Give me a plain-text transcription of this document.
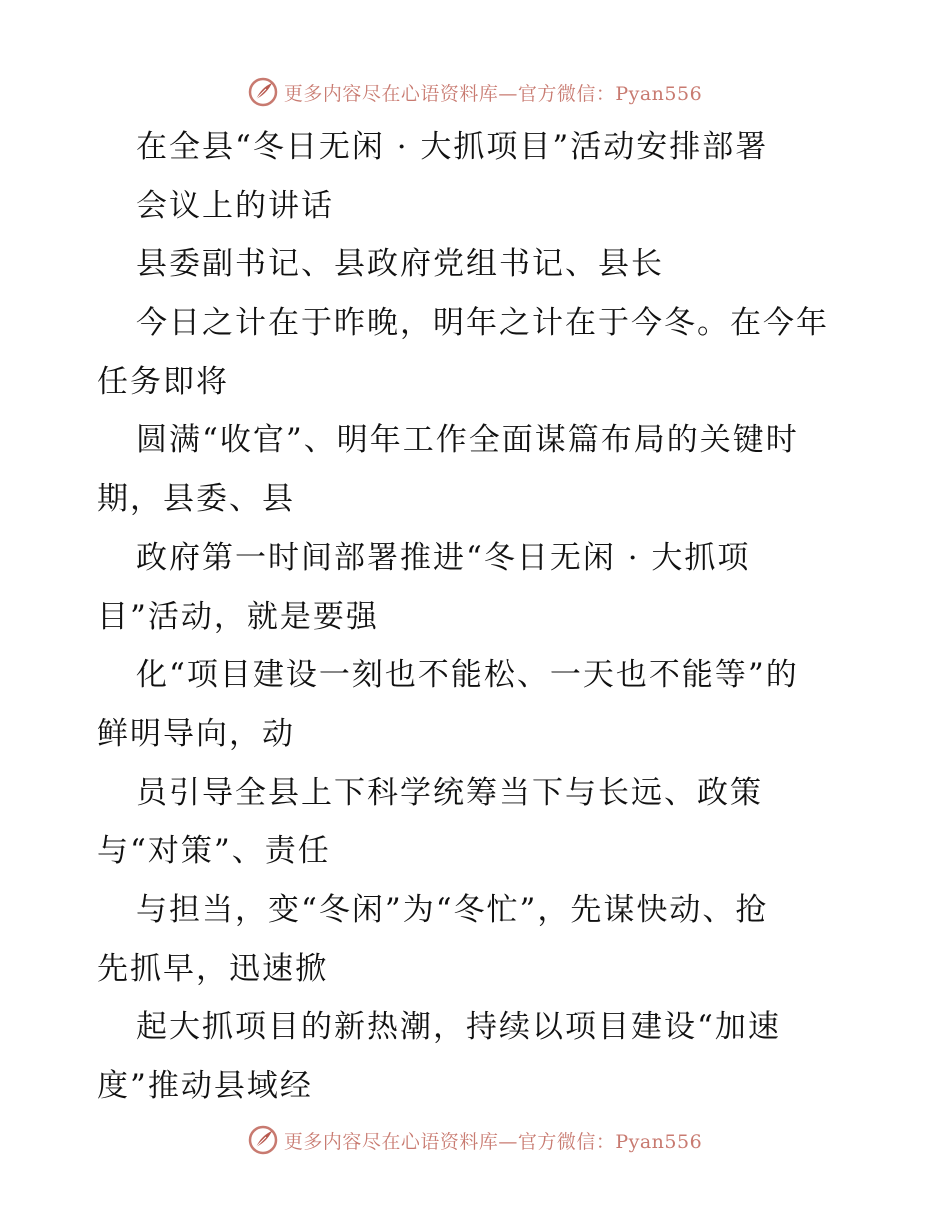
更多内容尽在心语资料库—官方微信：Pyan556
在全县“冬日无闲 · 大抓项目”活动安排部署
会议上的讲话
县委副书记、县政府党组书记、县长
今日之计在于昨晚，明年之计在于今冬。在今年
任务即将
圆满“收官”、明年工作全面谋篇布局的关键时
期，县委、县
政府第一时间部署推进“冬日无闲 · 大抓项
目”活动，就是要强
化“项目建设一刻也不能松、一天也不能等”的
鲜明导向，动
员引导全县上下科学统筹当下与长远、政策
与“对策”、责任
与担当，变“冬闲”为“冬忙”，先谋快动、抢
先抓早，迅速掀
起大抓项目的新热潮，持续以项目建设“加速
度”推动县域经
更多内容尽在心语资料库—官方微信：Pyan556
